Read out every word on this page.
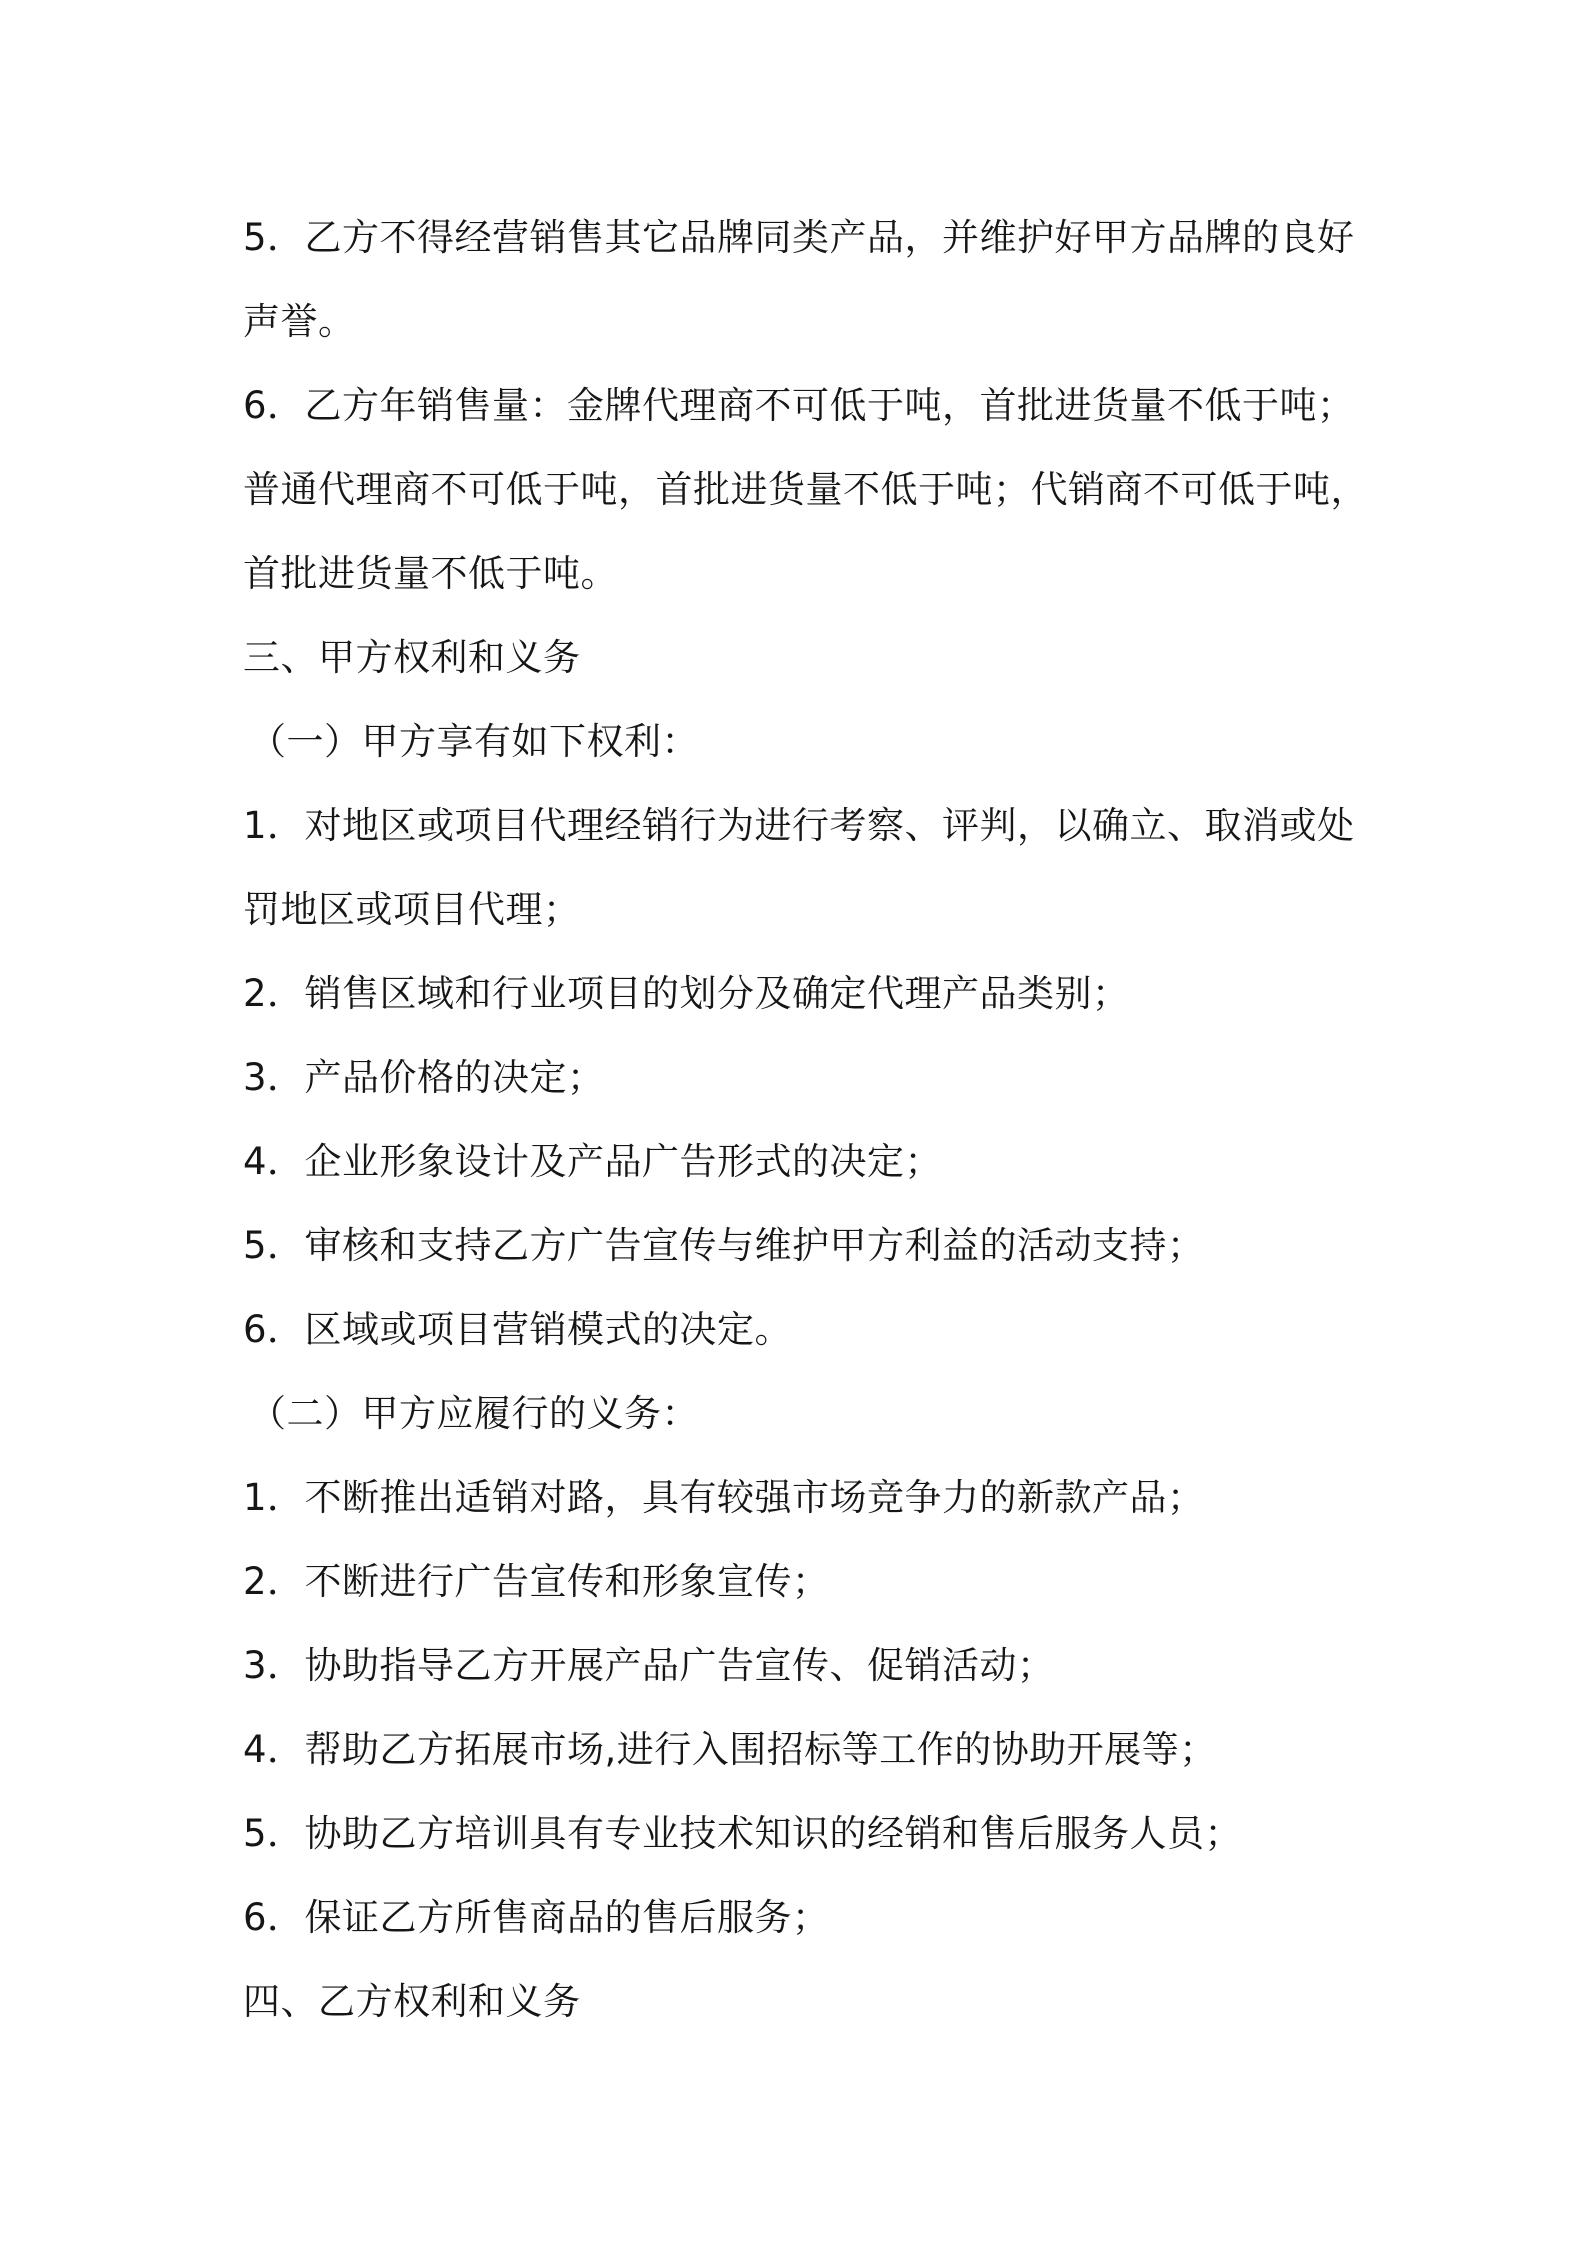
5．乙方不得经营销售其它品牌同类产品，并维护好甲方品牌的良好
声誉。
6．乙方年销售量：金牌代理商不可低于吨，首批进货量不低于吨；
普通代理商不可低于吨，首批进货量不低于吨；代销商不可低于吨，
首批进货量不低于吨。
三、甲方权利和义务
（一）甲方享有如下权利：
1．对地区或项目代理经销行为进行考察、评判，以确立、取消或处
罚地区或项目代理；
2．销售区域和行业项目的划分及确定代理产品类别；
3．产品价格的决定；
4．企业形象设计及产品广告形式的决定；
5．审核和支持乙方广告宣传与维护甲方利益的活动支持；
6．区域或项目营销模式的决定。
（二）甲方应履行的义务：
1．不断推出适销对路，具有较强市场竞争力的新款产品；
2．不断进行广告宣传和形象宣传；
3．协助指导乙方开展产品广告宣传、促销活动；
4．帮助乙方拓展市场,进行入围招标等工作的协助开展等；
5．协助乙方培训具有专业技术知识的经销和售后服务人员；
6．保证乙方所售商品的售后服务；
四、乙方权利和义务
